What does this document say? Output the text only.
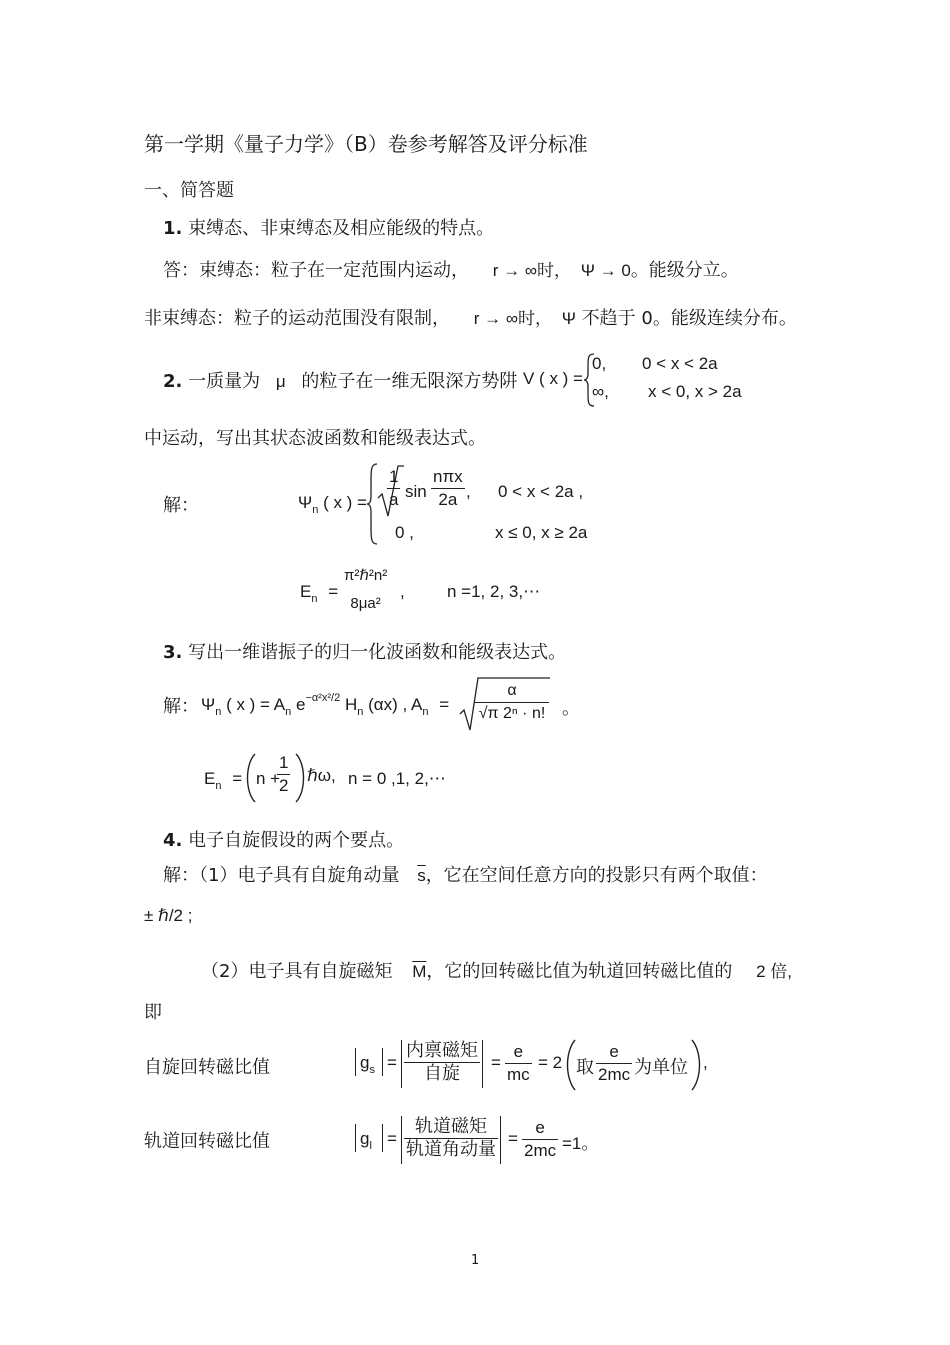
第一学期《量子力学》（B）卷参考解答及评分标准
一、简答题
1. 束缚态、非束缚态及相应能级的特点。
答：束缚态：粒子在一定范围内运动， r → ∞时， Ψ → 0。能级分立。
非束缚态：粒子的运动范围没有限制， r → ∞时， Ψ 不趋于 0。能级连续分布。
2. 一质量为 μ 的粒子在一维无限深方势阱 V ( x ) =
0, 0 < x < 2a
∞, x < 0, x > 2a
中运动，写出其状态波函数和能级表达式。
解：	$\Psi_n$ ( x ) = $\frac{1}{a}$ $\sin \frac{\text{nπx}}{2a}$ , 0 < x < 2a ,
0 ,	x ≤ 0, x ≥ 2a
$E_n$ =
π²ℏ²n²
8μa²
, n =1, 2, 3,⋯
3. 写出一维谐振子的归一化波函数和能级表达式。
解： $\Psi_n$ ( x ) = $A_n$ $e^{-\alpha^2x^2/2}$ $H_n$ (αx) , $A_n = \frac{\alpha}{\text{√π 2ⁿ · n!}}$ 。
$E_n = n$ +
$\frac{1}{2}$ ℏω, n = 0 ,1, 2,⋯
4. 电子自旋假设的两个要点。
解：（1）电子具有自旋角动量 $\overline{s}$，它在空间任意方向的投影只有两个取值：
± ℏ/2 ;
（2）电子具有自旋磁矩 $\overline{M}$，它的回转磁比值为轨道回转磁比值的 2 倍,
即
自旋回转磁比值	$g_s = \frac{\text{内禀磁矩}}{\text{自旋}} = \frac{e}{mc} = 2$ 取 $\frac{e}{2mc}$ 为单位 ,
轨道回转磁比值	$g_l = \frac{\text{轨道磁矩}}{\text{轨道角动量}} = \frac{e}{2mc} =1$。
1
